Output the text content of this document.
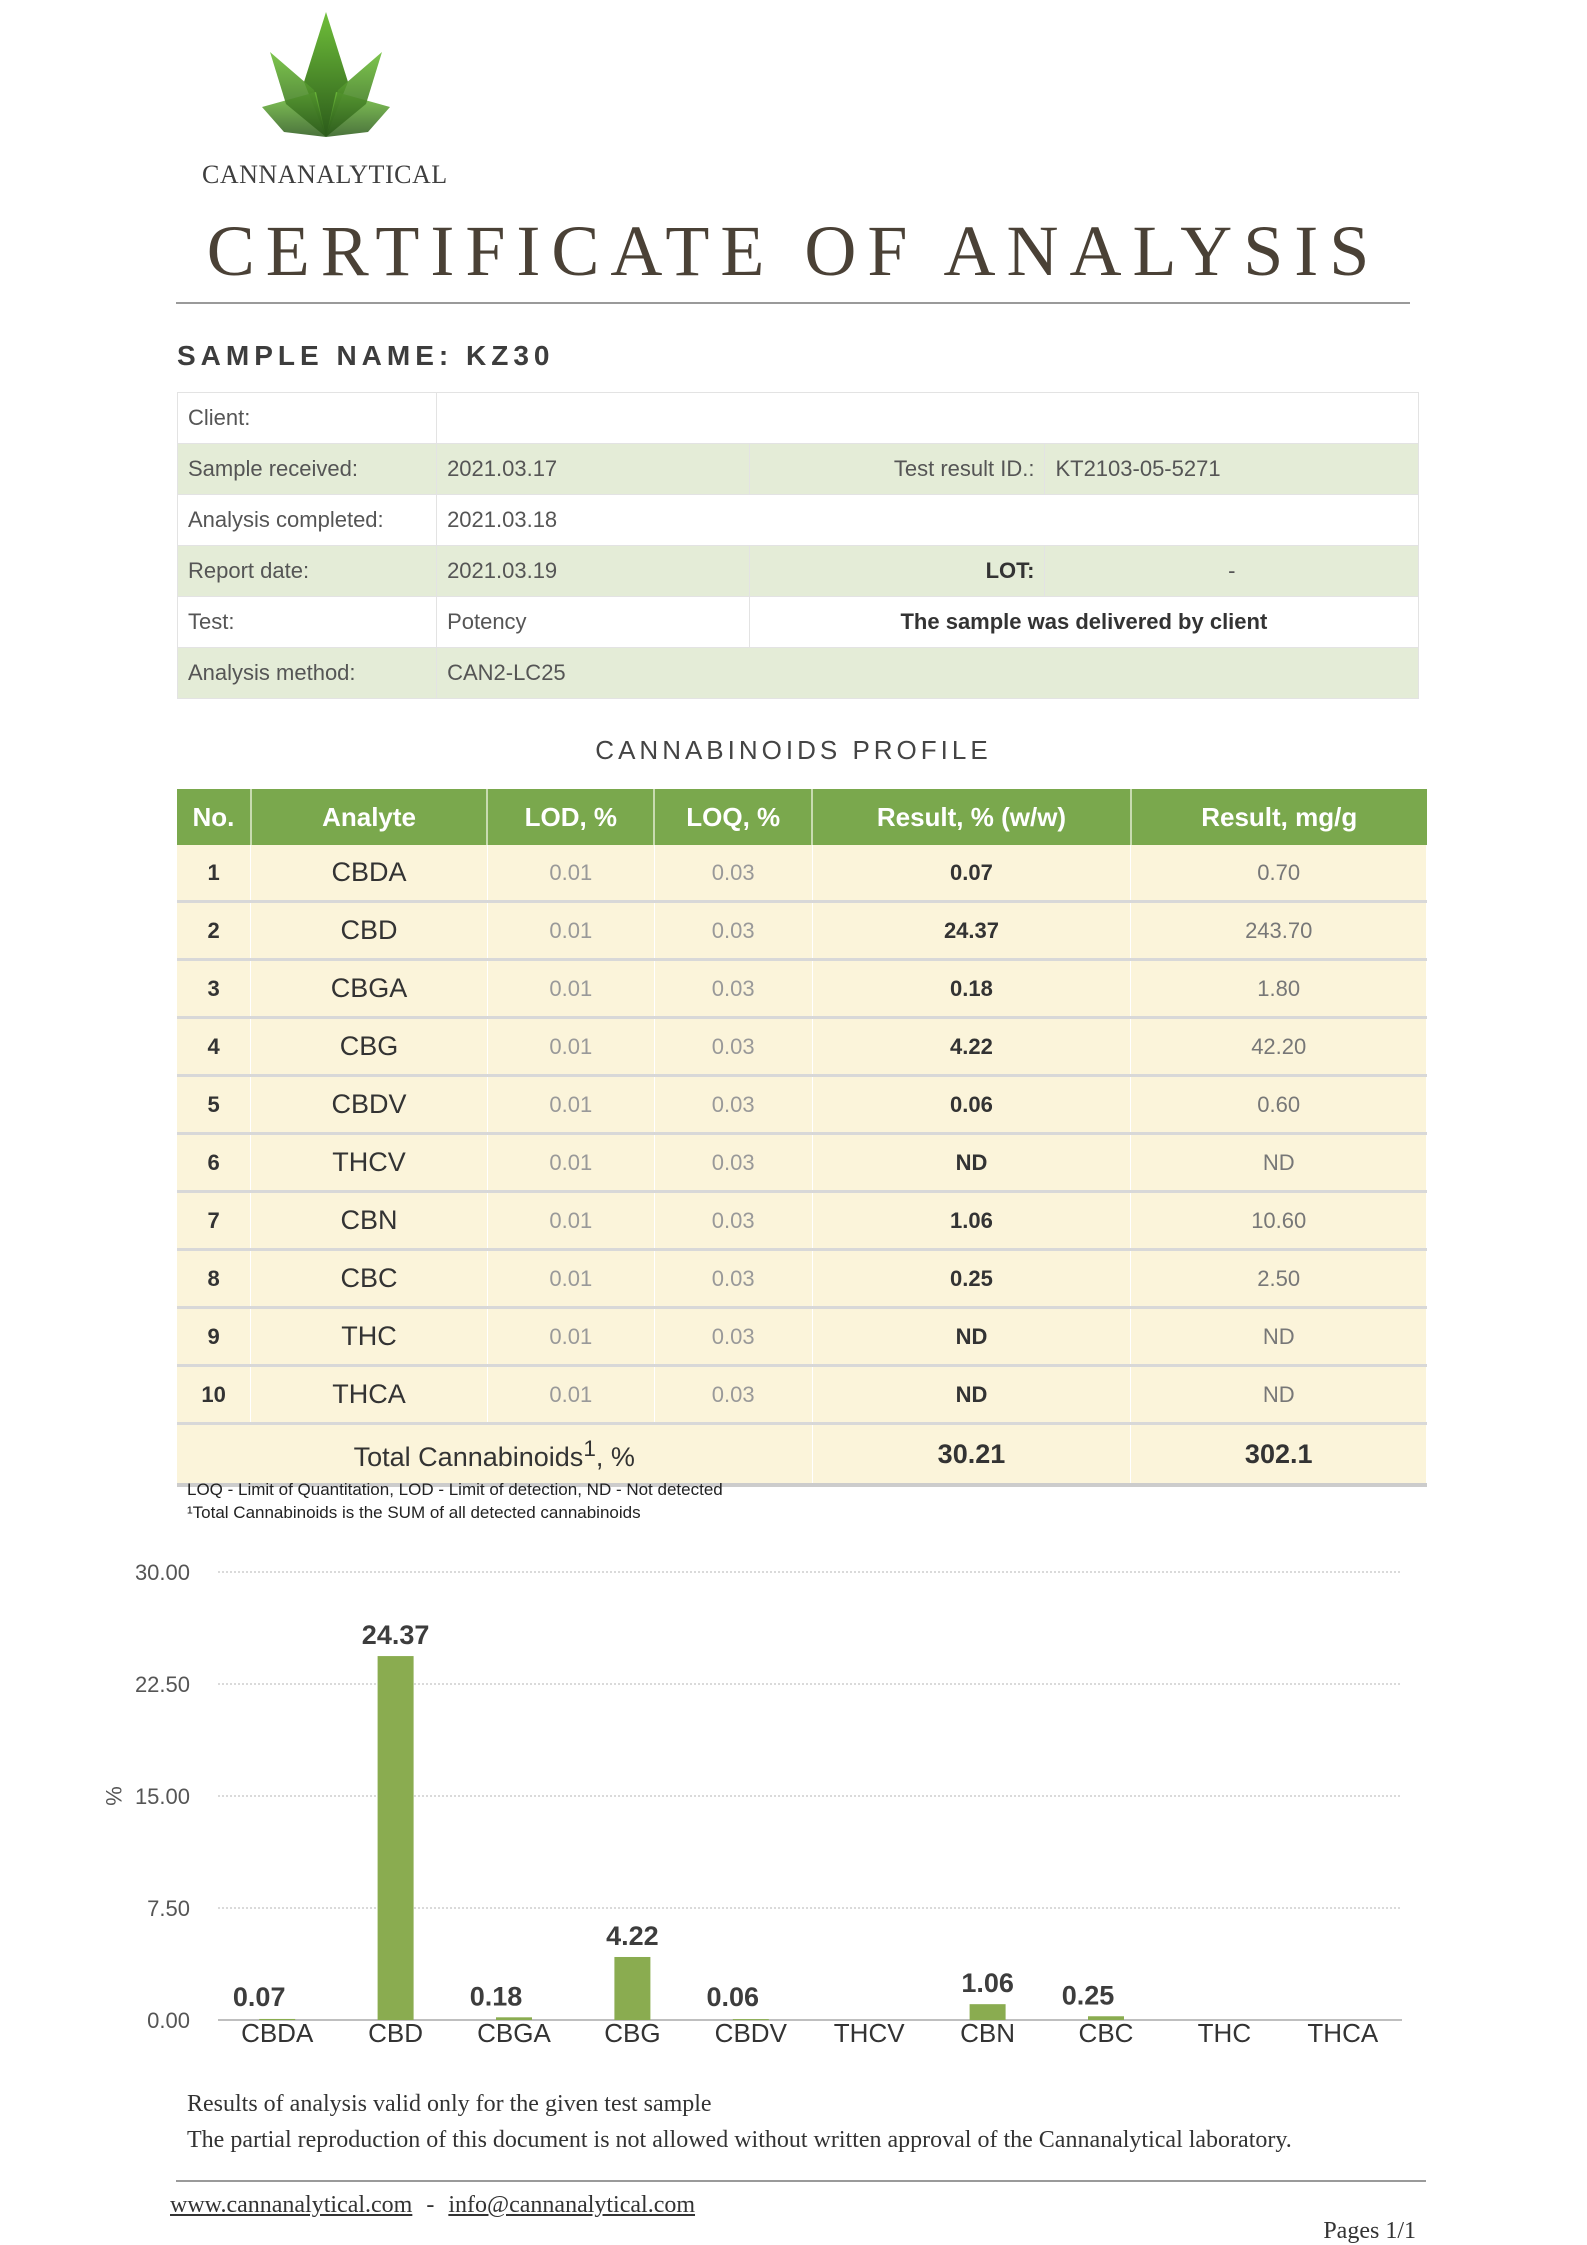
CANNANALYTICAL
CERTIFICATE OF ANALYSIS
SAMPLE NAME: KZ30
Client:			
Sample received:	2021.03.17	Test result ID.:	KT2103-05-5271
Analysis completed:	2021.03.18		
Report date:	2021.03.19	LOT:	-
Test:	Potency	The sample was delivered by client	
Analysis method:	CAN2-LC25		
CANNABINOIDS PROFILE
No.	Analyte	LOD, %	LOQ, %	Result, % (w/w)	Result, mg/g
1	CBDA	0.01	0.03	0.07	0.70
2	CBD	0.01	0.03	24.37	243.70
3	CBGA	0.01	0.03	0.18	1.80
4	CBG	0.01	0.03	4.22	42.20
5	CBDV	0.01	0.03	0.06	0.60
6	THCV	0.01	0.03	ND	ND
7	CBN	0.01	0.03	1.06	10.60
8	CBC	0.01	0.03	0.25	2.50
9	THC	0.01	0.03	ND	ND
10	THCA	0.01	0.03	ND	ND
Total Cannabinoids$^1$, %				30.21	302.1
LOQ - Limit of Quantitation, LOD - Limit of detection, ND - Not detected
¹Total Cannabinoids is the SUM of all detected cannabinoids
0.00
7.50
15.00
22.50
30.00
%
0.07
CBDA
24.37
CBD
0.18
CBGA
4.22
CBG
0.06
CBDV THCV
1.06
CBN
0.25
CBC THC THCA
Results of analysis valid only for the given test sample
The partial reproduction of this document is not allowed without written approval of the Cannanalytical laboratory.
www.cannanalytical.com - info@cannanalytical.com
Pages 1/1
